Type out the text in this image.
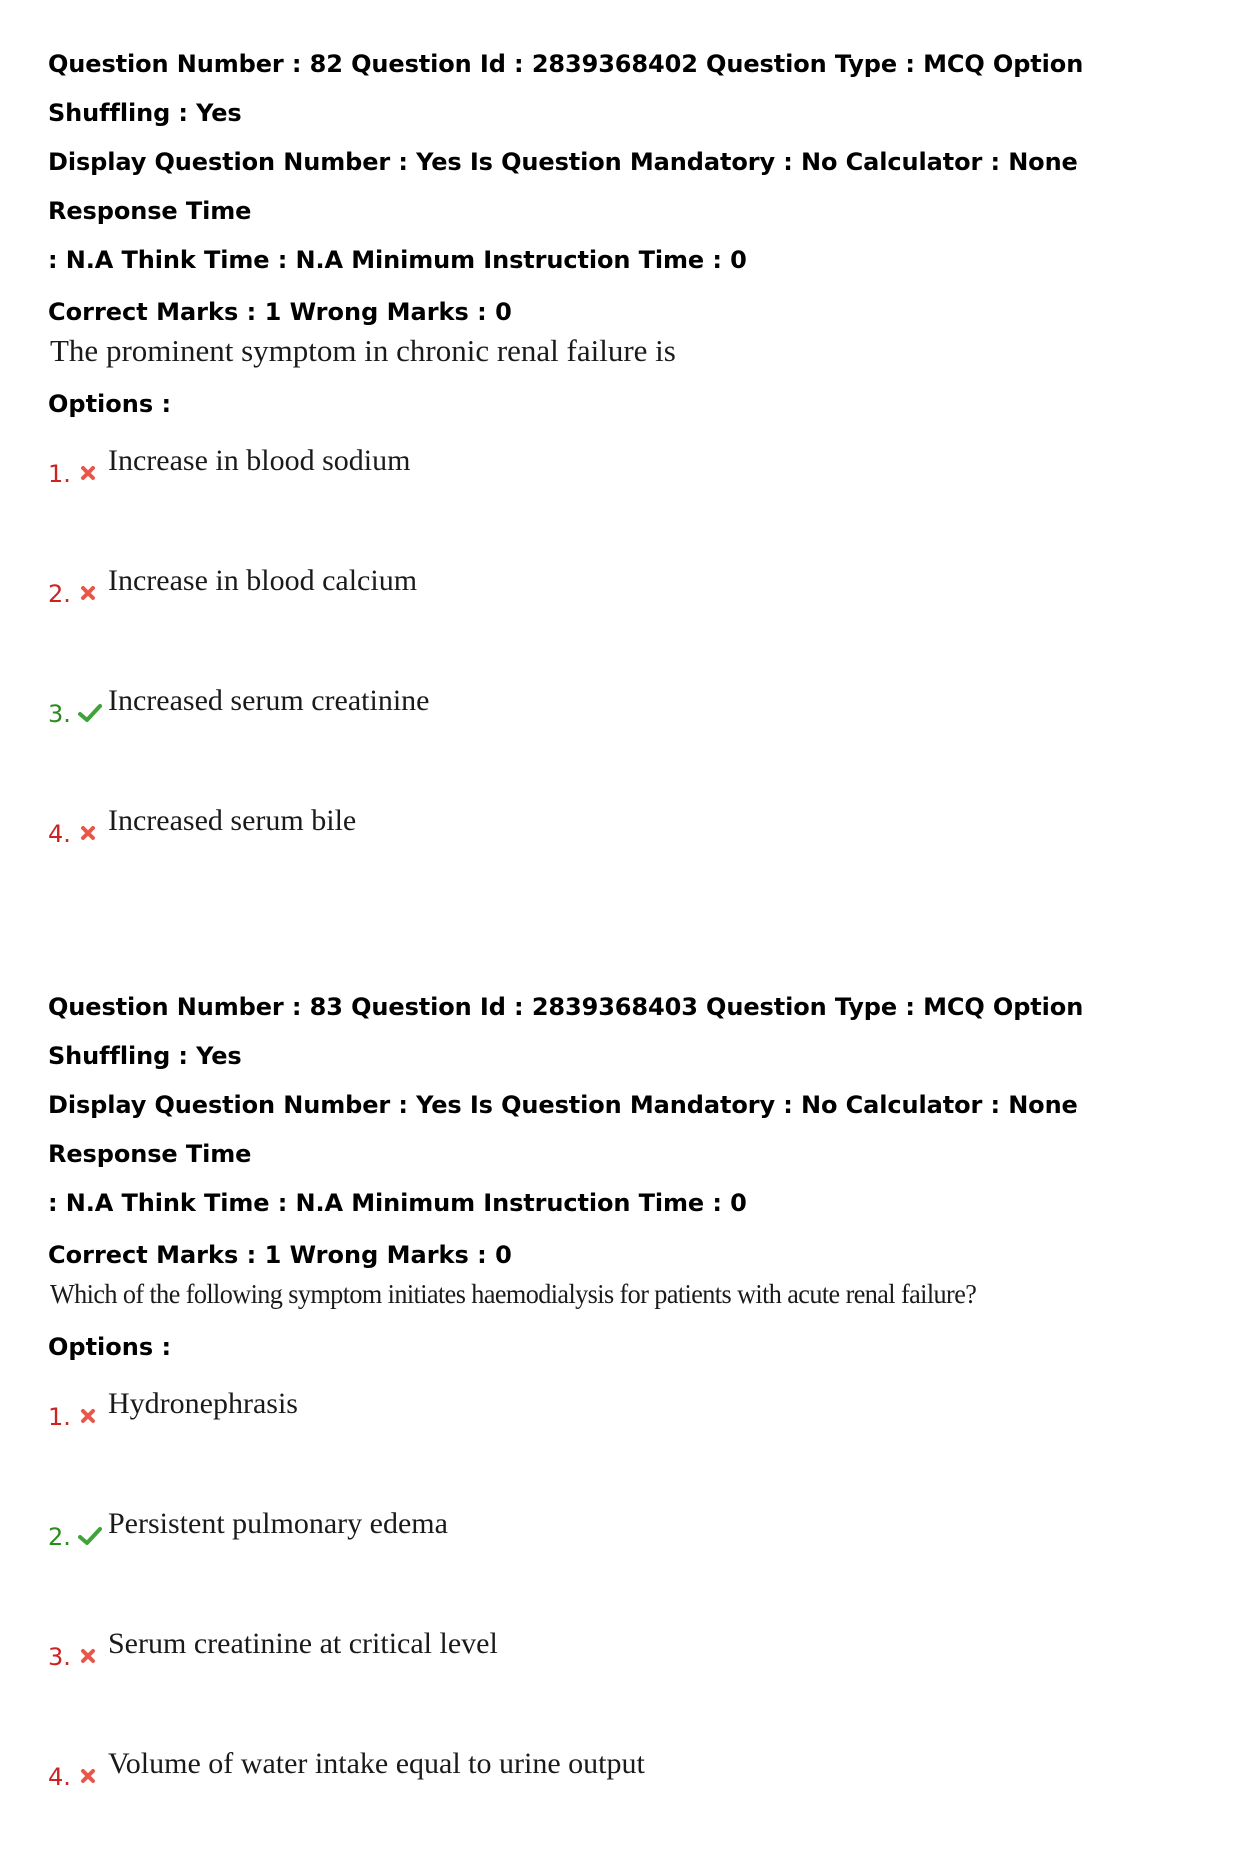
Question Number : 82 Question Id : 2839368402 Question Type : MCQ Option Shuffling : Yes

Display Question Number : Yes Is Question Mandatory : No Calculator : None Response Time

: N.A Think Time : N.A Minimum Instruction Time : 0

Correct Marks : 1 Wrong Marks : 0

The prominent symptom in chronic renal failure is

Options :

1. Increase in blood sodium
2. Increase in blood calcium
3. Increased serum creatinine
4. Increased serum bile

Question Number : 83 Question Id : 2839368403 Question Type : MCQ Option Shuffling : Yes

Display Question Number : Yes Is Question Mandatory : No Calculator : None Response Time

: N.A Think Time : N.A Minimum Instruction Time : 0

Correct Marks : 1 Wrong Marks : 0

Which of the following symptom initiates haemodialysis for patients with acute renal failure?

Options :

1. Hydronephrasis
2. Persistent pulmonary edema
3. Serum creatinine at critical level
4. Volume of water intake equal to urine output
